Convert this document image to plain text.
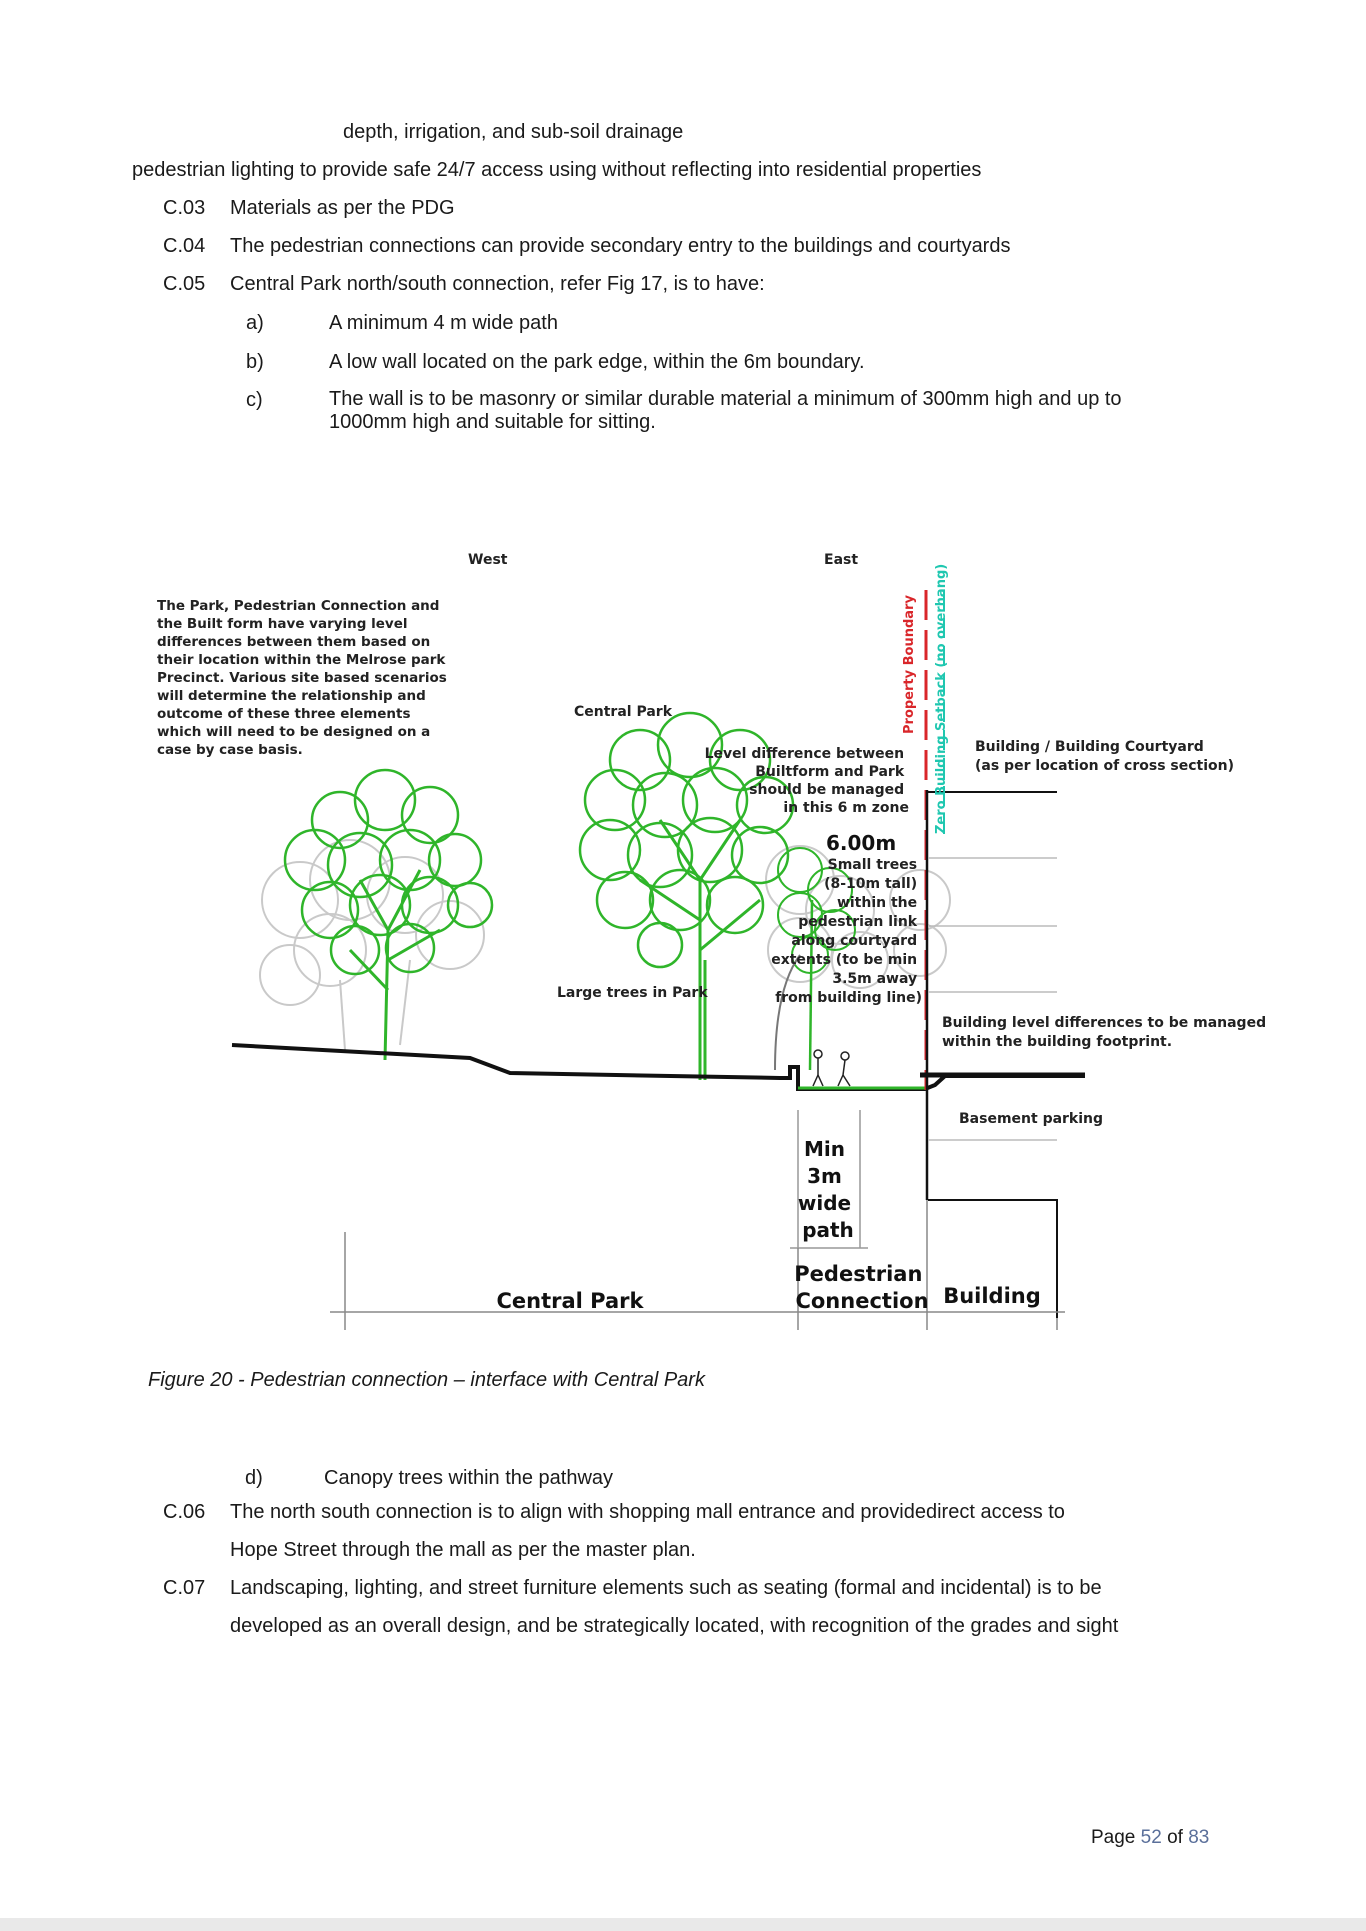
depth, irrigation, and sub-soil drainage
pedestrian lighting to provide safe 24/7 access using without reflecting into residential properties
C.03 Materials as per the PDG
C.04 The pedestrian connections can provide secondary entry to the buildings and courtyards
C.05 Central Park north/south connection, refer Fig 17, is to have:
a)	A minimum 4 m wide path
b)	A low wall located on the park edge, within the 6m boundary.
c)	The wall is to be masonry or similar durable material a minimum of 300mm high and up to 1000mm high and suitable for sitting.
West	East
Central Park	Property Boundary Zero Building Setback (no overhang)
Level difference between Builtform and Park should be managed in this 6 m zone
6.00m
Small trees (8-10m tall) within the pedestrian link along courtyard extents (to be min 3.5m away from building line)
Large trees in Park
Building / Building Courtyard (as per location of cross section)
Building level differences to be managed within the building footprint.
Basement parking
Min 3m wide path
Central Park
Pedestrian Connection Building
The Park, Pedestrian Connection and the Built form have varying level differences between them based on their location within the Melrose park Precinct. Various site based scenarios will determine the relationship and outcome of these three elements which will need to be designed on a case by case basis.
Figure 20 - Pedestrian connection – interface with Central Park
d)	Canopy trees within the pathway
C.06 The north south connection is to align with shopping mall entrance and providedirect access to
Hope Street through the mall as per the master plan.
C.07 Landscaping, lighting, and street furniture elements such as seating (formal and incidental) is to be
developed as an overall design, and be strategically located, with recognition of the grades and sight
Page 52 of 83
